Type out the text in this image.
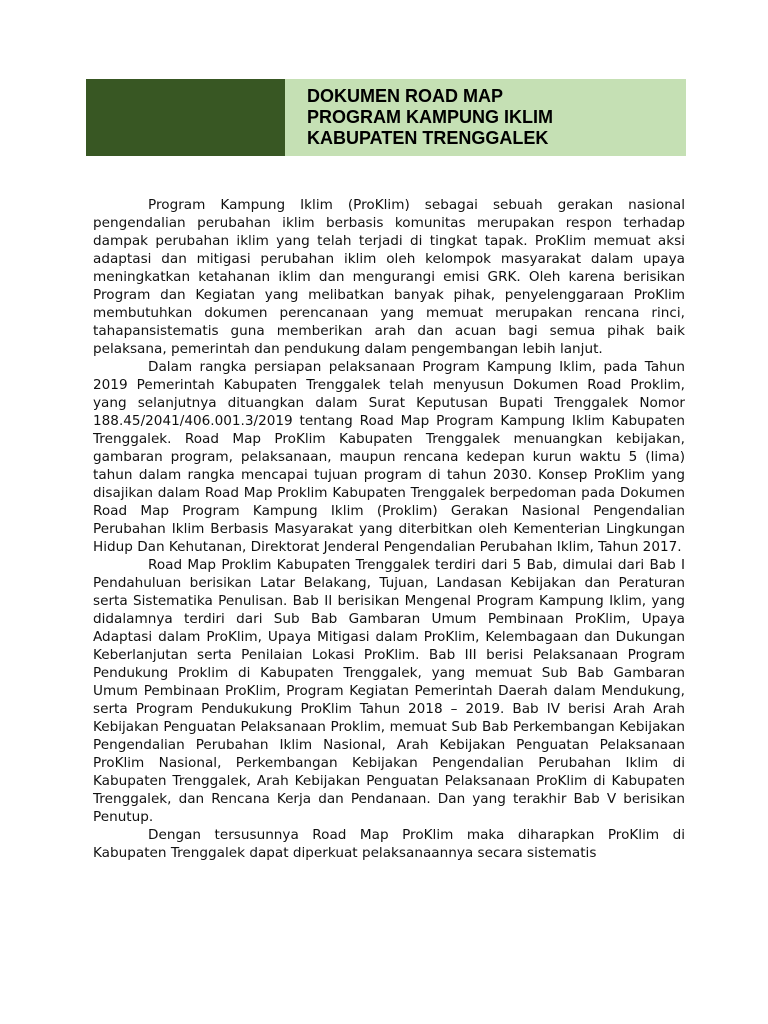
DOKUMEN ROAD MAP
PROGRAM KAMPUNG IKLIM
KABUPATEN TRENGGALEK

Program Kampung Iklim (ProKlim) sebagai sebuah gerakan nasional pengendalian perubahan iklim berbasis komunitas merupakan respon terhadap dampak perubahan iklim yang telah terjadi di tingkat tapak. ProKlim memuat aksi adaptasi dan mitigasi perubahan iklim oleh kelompok masyarakat dalam upaya meningkatkan ketahanan iklim dan mengurangi emisi GRK. Oleh karena berisikan Program dan Kegiatan yang melibatkan banyak pihak, penyelenggaraan ProKlim membutuhkan dokumen perencanaan yang memuat merupakan rencana rinci, tahapansistematis guna memberikan arah dan acuan bagi semua pihak baik pelaksana, pemerintah dan pendukung dalam pengembangan lebih lanjut.

Dalam rangka persiapan pelaksanaan Program Kampung Iklim, pada Tahun 2019 Pemerintah Kabupaten Trenggalek telah menyusun Dokumen Road Proklim, yang selanjutnya dituangkan dalam Surat Keputusan Bupati Trenggalek Nomor 188.45/2041/406.001.3/2019 tentang Road Map Program Kampung Iklim Kabupaten Trenggalek. Road Map ProKlim Kabupaten Trenggalek menuangkan kebijakan, gambaran program, pelaksanaan, maupun rencana kedepan kurun waktu 5 (lima) tahun dalam rangka mencapai tujuan program di tahun 2030. Konsep ProKlim yang disajikan dalam Road Map Proklim Kabupaten Trenggalek berpedoman pada Dokumen Road Map Program Kampung Iklim (Proklim) Gerakan Nasional Pengendalian Perubahan Iklim Berbasis Masyarakat yang diterbitkan oleh Kementerian Lingkungan Hidup Dan Kehutanan, Direktorat Jenderal Pengendalian Perubahan Iklim, Tahun 2017.

Road Map Proklim Kabupaten Trenggalek terdiri dari 5 Bab, dimulai dari Bab I Pendahuluan berisikan Latar Belakang, Tujuan, Landasan Kebijakan dan Peraturan serta Sistematika Penulisan. Bab II berisikan Mengenal Program Kampung Iklim, yang didalamnya terdiri dari Sub Bab Gambaran Umum Pembinaan ProKlim, Upaya Adaptasi dalam ProKlim, Upaya Mitigasi dalam ProKlim, Kelembagaan dan Dukungan Keberlanjutan serta Penilaian Lokasi ProKlim. Bab III berisi Pelaksanaan Program Pendukung Proklim di Kabupaten Trenggalek, yang memuat Sub Bab Gambaran Umum Pembinaan ProKlim, Program Kegiatan Pemerintah Daerah dalam Mendukung, serta Program Pendukukung ProKlim Tahun 2018 – 2019. Bab IV berisi Arah Arah Kebijakan Penguatan Pelaksanaan Proklim, memuat Sub Bab Perkembangan Kebijakan Pengendalian Perubahan Iklim Nasional, Arah Kebijakan Penguatan Pelaksanaan ProKlim Nasional, Perkembangan Kebijakan Pengendalian Perubahan Iklim di Kabupaten Trenggalek, Arah Kebijakan Penguatan Pelaksanaan ProKlim di Kabupaten Trenggalek, dan Rencana Kerja dan Pendanaan. Dan yang terakhir Bab V berisikan Penutup.

Dengan tersusunnya Road Map ProKlim maka diharapkan ProKlim di Kabupaten Trenggalek dapat diperkuat pelaksanaannya secara sistematis
